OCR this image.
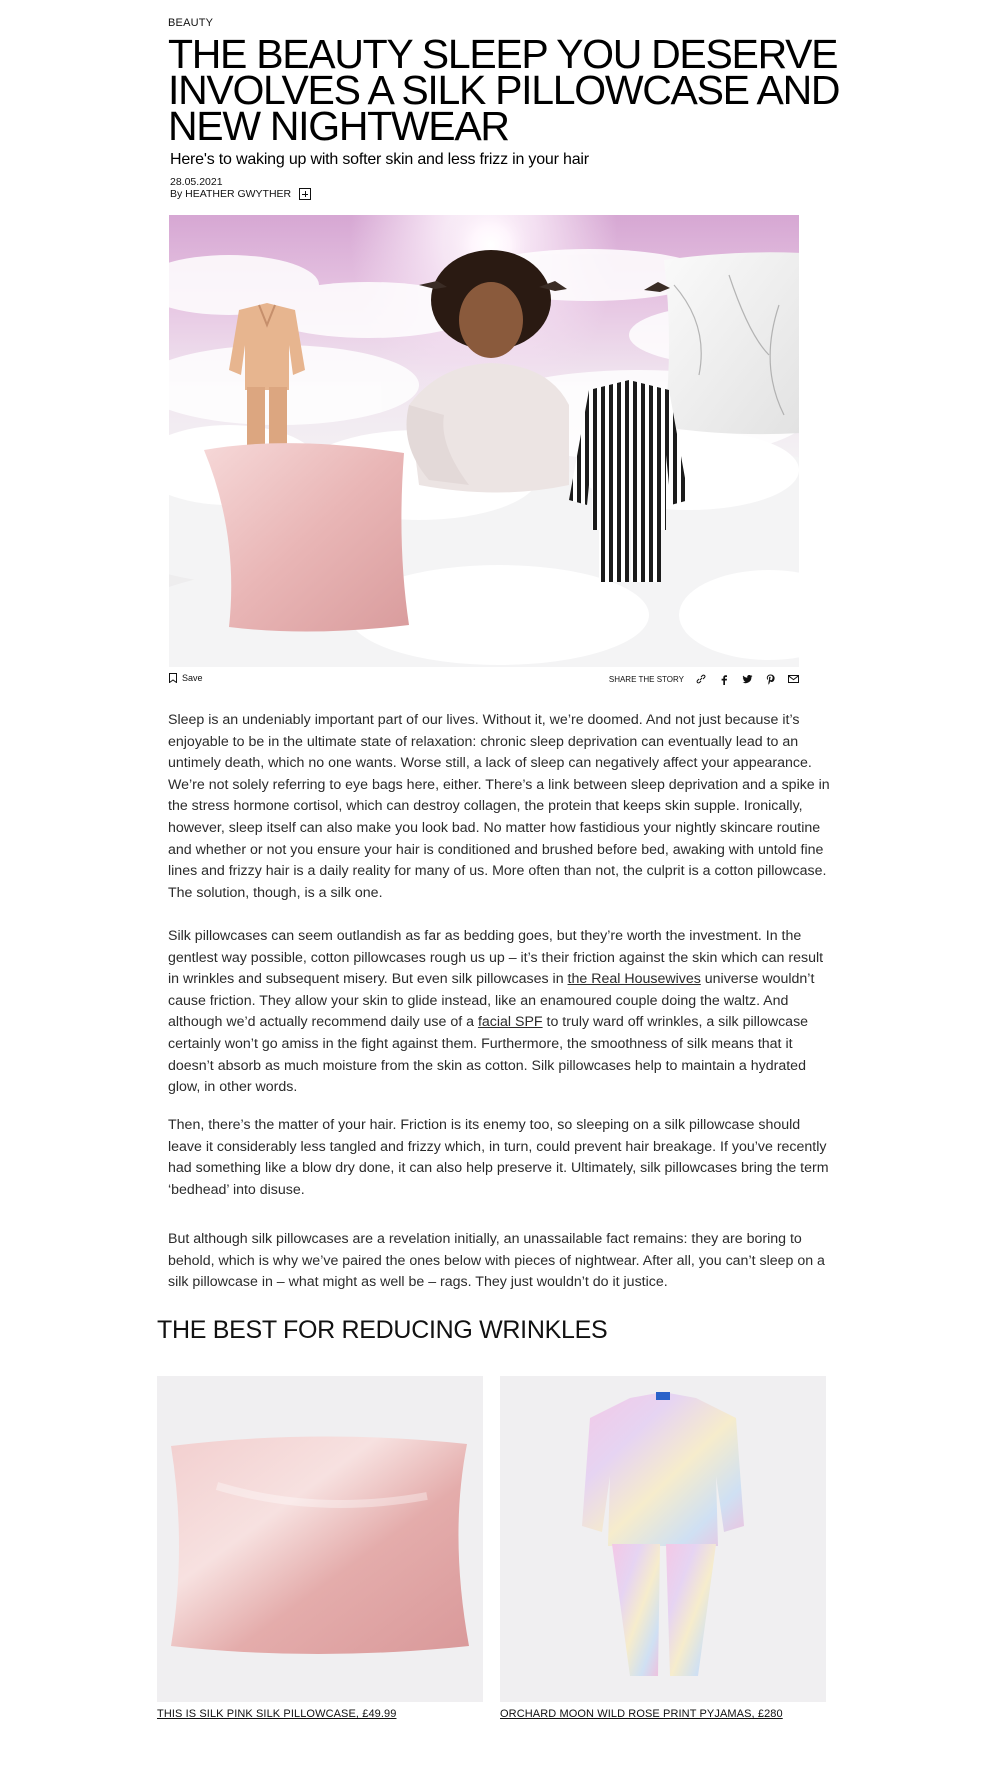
BEAUTY
THE BEAUTY SLEEP YOU DESERVE INVOLVES A SILK PILLOWCASE AND NEW NIGHTWEAR
Here's to waking up with softer skin and less frizz in your hair
28.05.2021
By HEATHER GWYTHER
Save	SHARE THE STORY

Sleep is an undeniably important part of our lives. Without it, we’re doomed. And not just because it’s enjoyable to be in the ultimate state of relaxation: chronic sleep deprivation can eventually lead to an untimely death, which no one wants. Worse still, a lack of sleep can negatively affect your appearance. We’re not solely referring to eye bags here, either. There’s a link between sleep deprivation and a spike in the stress hormone cortisol, which can destroy collagen, the protein that keeps skin supple. Ironically, however, sleep itself can also make you look bad. No matter how fastidious your nightly skincare routine and whether or not you ensure your hair is conditioned and brushed before bed, awaking with untold fine lines and frizzy hair is a daily reality for many of us. More often than not, the culprit is a cotton pillowcase. The solution, though, is a silk one.

Silk pillowcases can seem outlandish as far as bedding goes, but they’re worth the investment. In the gentlest way possible, cotton pillowcases rough us up – it’s their friction against the skin which can result in wrinkles and subsequent misery. But even silk pillowcases in the Real Housewives universe wouldn’t cause friction. They allow your skin to glide instead, like an enamoured couple doing the waltz. And although we’d actually recommend daily use of a facial SPF to truly ward off wrinkles, a silk pillowcase certainly won’t go amiss in the fight against them. Furthermore, the smoothness of silk means that it doesn’t absorb as much moisture from the skin as cotton. Silk pillowcases help to maintain a hydrated glow, in other words.

Then, there’s the matter of your hair. Friction is its enemy too, so sleeping on a silk pillowcase should leave it considerably less tangled and frizzy which, in turn, could prevent hair breakage. If you’ve recently had something like a blow dry done, it can also help preserve it. Ultimately, silk pillowcases bring the term ‘bedhead’ into disuse.

But although silk pillowcases are a revelation initially, an unassailable fact remains: they are boring to behold, which is why we’ve paired the ones below with pieces of nightwear. After all, you can’t sleep on a silk pillowcase in – what might as well be – rags. They just wouldn’t do it justice.

THE BEST FOR REDUCING WRINKLES
THIS IS SILK PINK SILK PILLOWCASE, £49.99	ORCHARD MOON WILD ROSE PRINT PYJAMAS, £280
